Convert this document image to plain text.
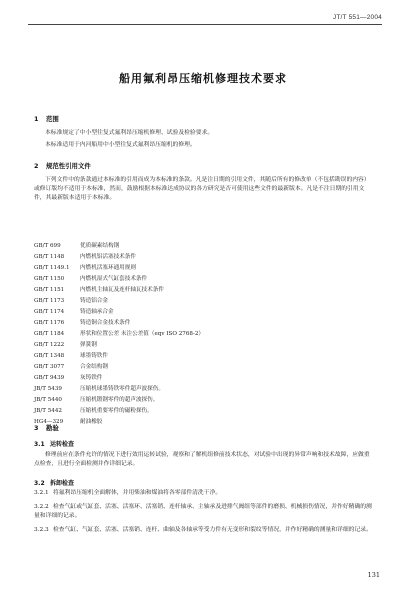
JT/T 551—2004
船用氟利昂压缩机修理技术要求
1 范围
本标准规定了中小型往复式氟利昂压缩机修理、试验及检验要求。
本标准适用于内河船用中小型往复式氟利昂压缩机的修理。
2 规范性引用文件
下列文件中的条款通过本标准的引用而成为本标准的条款。凡是注日期的引用文件，其随后所有的修改单（不包括勘误的内容）或修订版均不适用于本标准，然而，鼓励根据本标准达成协议的各方研究是否可使用这些文件的最新版本。凡是不注日期的引用文件，其最新版本适用于本标准。
GB/T 699	优质碳素结构钢
GB/T 1148	内燃机铝活塞技术条件
GB/T 1149.1 内燃机活塞环通用规则
GB/T 1150	内燃机湿式气缸套技术条件
GB/T 1151	内燃机主轴瓦及连杆轴瓦技术条件
GB/T 1173	铸造铝合金
GB/T 1174	铸造轴承合金
GB/T 1176	铸造铜合金技术条件
GB/T 1184	形状和位置公差 未注公差值（eqv ISO 2768-2）
GB/T 1222	弹簧钢
GB/T 1348	球墨铸铁件
GB/T 3077	合金结构钢
GB/T 9439	灰铸铁件
JB/T 5439	压缩机球墨铸铁零件超声波探伤。
JB/T 5440	压缩机锻钢零件的超声波探伤。
JB/T 5442	压缩机重要零件的磁粉探伤。
HG4—329	耐油橡胶
3 勘验
3.1 运转检查
修理前应在条件允许的情况下进行效用运转试验，观察和了解机组修前技术状态，对试验中出现的异常声响和技术故障，应做重点检查，且进行全面检测并作详细记录。
3.2 拆卸检查
3.2.1 将氟利昂压缩机全面解体，并用柴油和煤油将各零部件清洗干净。
3.2.2 检查气缸或气缸套、活塞、活塞环、活塞销、连杆轴承、主轴承及进排气阀组等部件的磨损、机械损伤情况，并作好精确的测量和详细的记录。
3.2.3 检查气缸、气缸套、活塞、活塞销、连杆、曲轴及各轴承等受力件有无变形和裂纹等情况，并作好精确的测量和详细的记录。
131
